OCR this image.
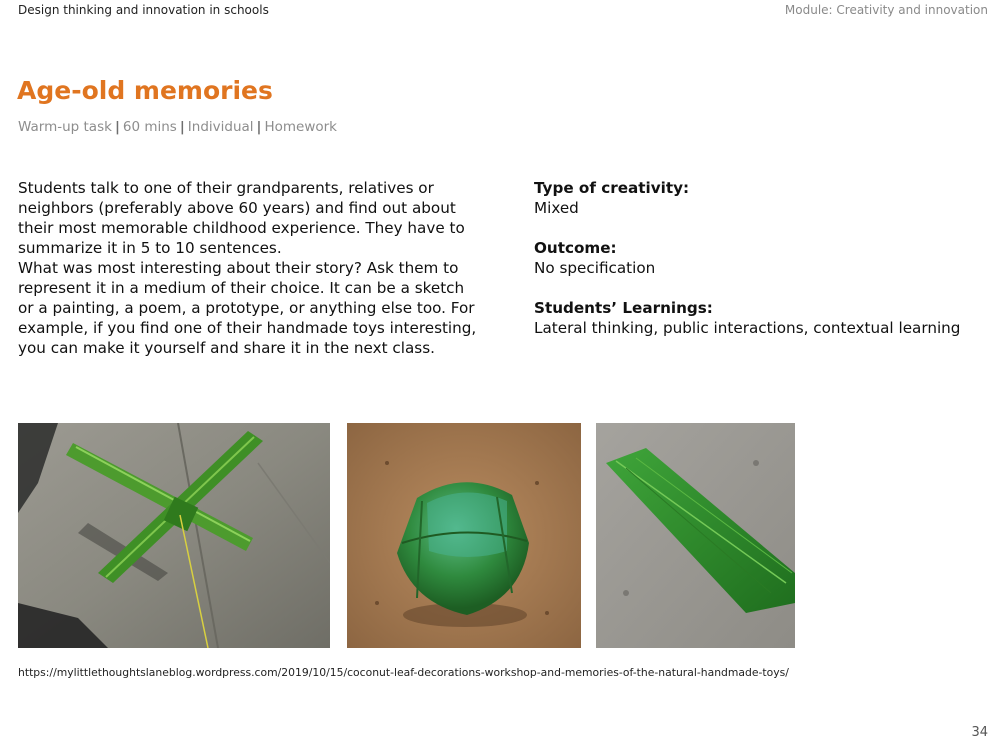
Design thinking and innovation in schools	Module: Creativity and innovation
Age-old memories
Warm-up task | 60 mins | Individual | Homework

Students talk to one of their grandparents, relatives or neighbors (preferably above 60 years) and find out about their most memorable childhood experience. They have to summarize it in 5 to 10 sentences.

What was most interesting about their story? Ask them to represent it in a medium of their choice. It can be a sketch or a painting, a poem, a prototype, or anything else too. For example, if you find one of their handmade toys interesting, you can make it yourself and share it in the next class.

Type of creativity:
Mixed
Outcome:
No specification
Students’ Learnings:
Lateral thinking, public interactions, contextual learning
https://mylittlethoughtslaneblog.wordpress.com/2019/10/15/coconut-leaf-decorations-workshop-and-memories-of-the-natural-handmade-toys/
34
